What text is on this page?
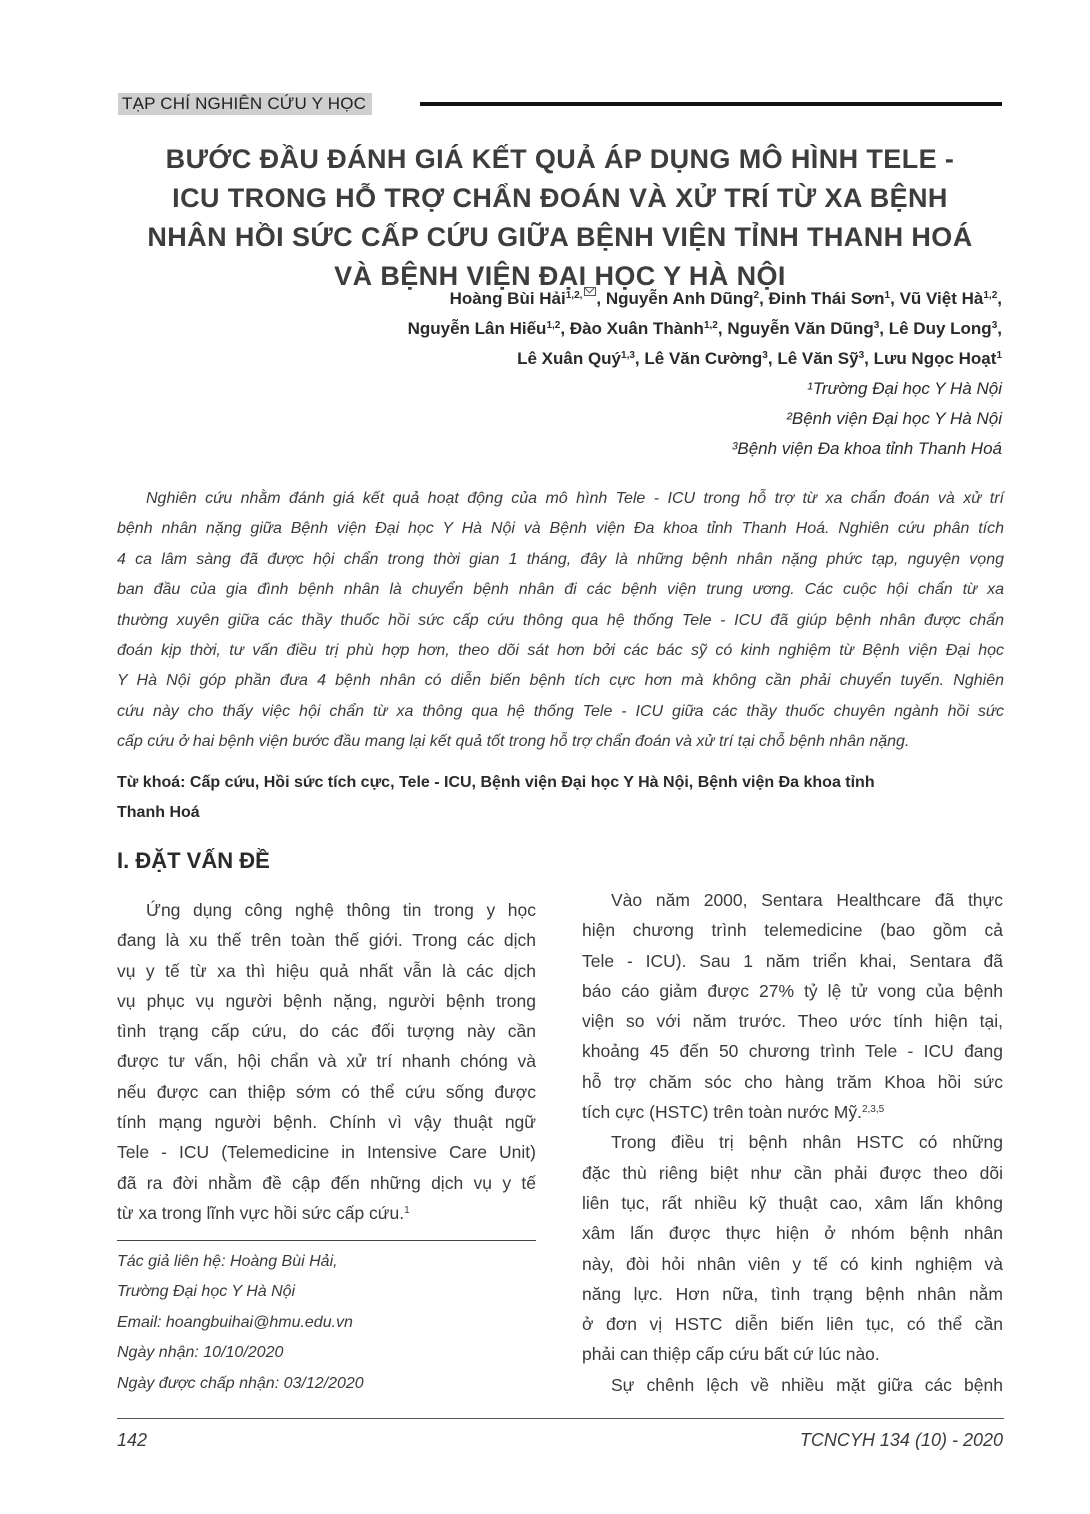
TẠP CHÍ NGHIÊN CỨU Y HỌC
BƯỚC ĐẦU ĐÁNH GIÁ KẾT QUẢ ÁP DỤNG MÔ HÌNH TELE -
ICU TRONG HỖ TRỢ CHẨN ĐOÁN VÀ XỬ TRÍ TỪ XA BỆNH
NHÂN HỒI SỨC CẤP CỨU GIỮA BỆNH VIỆN TỈNH THANH HOÁ
VÀ BỆNH VIỆN ĐẠI HỌC Y HÀ NỘI
Hoàng Bùi Hải$^{1,2,}$ , Nguyễn Anh Dũng$^2$, Đinh Thái Sơn$^1$, Vũ Việt Hà$^{1,2}$,
Nguyễn Lân Hiếu$^{1,2}$, Đào Xuân Thành$^{1,2}$, Nguyễn Văn Dũng$^3$, Lê Duy Long$^3$,
Lê Xuân Quý$^{1,3}$, Lê Văn Cường$^3$, Lê Văn Sỹ$^3$, Lưu Ngọc Hoạt$^1$
¹Trường Đại học Y Hà Nội
²Bệnh viện Đại học Y Hà Nội
³Bệnh viện Đa khoa tỉnh Thanh Hoá
Nghiên cứu nhằm đánh giá kết quả hoạt động của mô hình Tele - ICU trong hỗ trợ từ xa chẩn đoán và xử trí
bệnh nhân nặng giữa Bệnh viện Đại học Y Hà Nội và Bệnh viện Đa khoa tỉnh Thanh Hoá. Nghiên cứu phân tích
4 ca lâm sàng đã được hội chẩn trong thời gian 1 tháng, đây là những bệnh nhân nặng phức tạp, nguyện vọng
ban đầu của gia đình bệnh nhân là chuyển bệnh nhân đi các bệnh viện trung ương. Các cuộc hội chẩn từ xa
thường xuyên giữa các thầy thuốc hồi sức cấp cứu thông qua hệ thống Tele - ICU đã giúp bệnh nhân được chẩn
đoán kịp thời, tư vấn điều trị phù hợp hơn, theo dõi sát hơn bởi các bác sỹ có kinh nghiệm từ Bệnh viện Đại học
Y Hà Nội góp phần đưa 4 bệnh nhân có diễn biến bệnh tích cực hơn mà không cần phải chuyển tuyến. Nghiên
cứu này cho thấy việc hội chẩn từ xa thông qua hệ thống Tele - ICU giữa các thầy thuốc chuyên ngành hồi sức
cấp cứu ở hai bệnh viện bước đầu mang lại kết quả tốt trong hỗ trợ chẩn đoán và xử trí tại chỗ bệnh nhân nặng.
Từ khoá: Cấp cứu, Hồi sức tích cực, Tele - ICU, Bệnh viện Đại học Y Hà Nội, Bệnh viện Đa khoa tỉnh
Thanh Hoá
I. ĐẶT VẤN ĐỀ
Ứng dụng công nghệ thông tin trong y học
đang là xu thế trên toàn thế giới. Trong các dịch
vụ y tế từ xa thì hiệu quả nhất vẫn là các dịch
vụ phục vụ người bệnh nặng, người bệnh trong
tình trạng cấp cứu, do các đối tượng này cần
được tư vấn, hội chẩn và xử trí nhanh chóng và
nếu được can thiệp sớm có thể cứu sống được
tính mạng người bệnh. Chính vì vậy thuật ngữ
Tele - ICU (Telemedicine in Intensive Care Unit)
đã ra đời nhằm đề cập đến những dịch vụ y tế
từ xa trong lĩnh vực hồi sức cấp cứu.$^1$
Tác giả liên hệ: Hoàng Bùi Hải,
Trường Đại học Y Hà Nội
Email: hoangbuihai@hmu.edu.vn
Ngày nhận: 10/10/2020
Ngày được chấp nhận: 03/12/2020
Vào năm 2000, Sentara Healthcare đã thực
hiện chương trình telemedicine (bao gồm cả
Tele - ICU). Sau 1 năm triển khai, Sentara đã
báo cáo giảm được 27% tỷ lệ tử vong của bệnh
viện so với năm trước. Theo ước tính hiện tại,
khoảng 45 đến 50 chương trình Tele - ICU đang
hỗ trợ chăm sóc cho hàng trăm Khoa hồi sức
tích cực (HSTC) trên toàn nước Mỹ.$^{2,3,5}$
Trong điều trị bệnh nhân HSTC có những
đặc thù riêng biệt như cần phải được theo dõi
liên tục, rất nhiều kỹ thuật cao, xâm lấn không
xâm lấn được thực hiện ở nhóm bệnh nhân
này, đòi hỏi nhân viên y tế có kinh nghiệm và
năng lực. Hơn nữa, tình trạng bệnh nhân nằm
ở đơn vị HSTC diễn biến liên tục, có thể cần
phải can thiệp cấp cứu bất cứ lúc nào.
Sự chênh lệch về nhiều mặt giữa các bệnh
142	TCNCYH 134 (10) - 2020
